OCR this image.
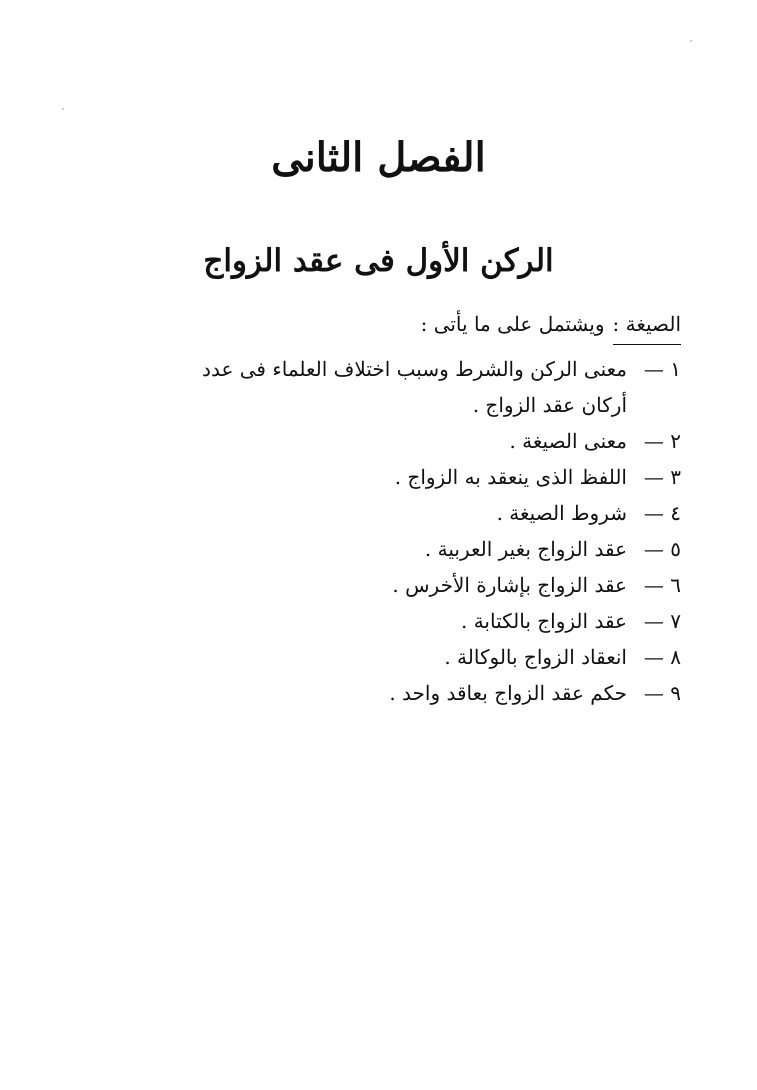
الفصل الثانى
الركن الأول فى عقد الزواج
الصيغة :ويشتمل على ما يأتى :
١ —
معنى الركن والشرط وسبب اختلاف العلماء فى عدد أركان عقد الزواج .
٢ —
معنى الصيغة .
٣ —
اللفظ الذى ينعقد به الزواج .
٤ —
شروط الصيغة .
٥ —
عقد الزواج بغير العربية .
٦ —
عقد الزواج بإشارة الأخرس .
٧ —
عقد الزواج بالكتابة .
٨ —
انعقاد الزواج بالوكالة .
٩ —
حكم عقد الزواج بعاقد واحد .
